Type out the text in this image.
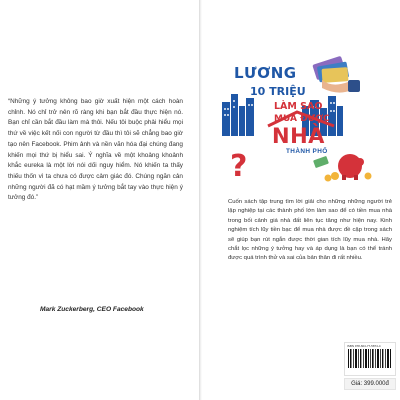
“Những ý tưởng không bao giờ xuất hiện một cách hoàn chỉnh. Nó chỉ trở nên rõ ràng khi bạn bắt đầu thực hiện nó. Bạn chỉ cần bắt đầu làm mà thôi. Nếu tôi buộc phải hiểu mọi thứ về việc kết nối con người từ đầu thì tôi sẽ chẳng bao giờ tạo nên Facebook. Phim ảnh và nền văn hóa đại chúng đang khiến mọi thứ bị hiểu sai. Ý nghĩa về một khoảng khoảnh khắc eureka là một lời nói dối nguy hiểm. Nó khiến ta thấy thiếu thốn vì ta chưa có được cảm giác đó. Chúng ngăn cản những người đã có hạt mầm ý tưởng bắt tay vào thực hiện ý tưởng đó.”
Mark Zuckerberg, CEO Facebook
?
LƯƠNG
10 TRIỆU
LÀM SAO
MUA ĐƯỢC
NHÀ
THÀNH PHỐ
Cuốn sách tập trung tìm lời giải cho những những người trẻ lập nghiệp tại các thành phố lớn làm sao để có tiền mua nhà trong bối cảnh giá nhà đất liên tục tăng như hiện nay. Kinh nghiệm tích lũy tiền bạc để mua nhà được đề cập trong sách sẽ giúp bạn rút ngắn được thời gian tích lũy mua nhà. Hãy chắt lọc những ý tưởng hay và áp dụng là bạn có thể tránh được quá trình thử và sai của bản thân đi rất nhiều.
ISBN 978-604-77-5874-4
Giá: 399.000đ
